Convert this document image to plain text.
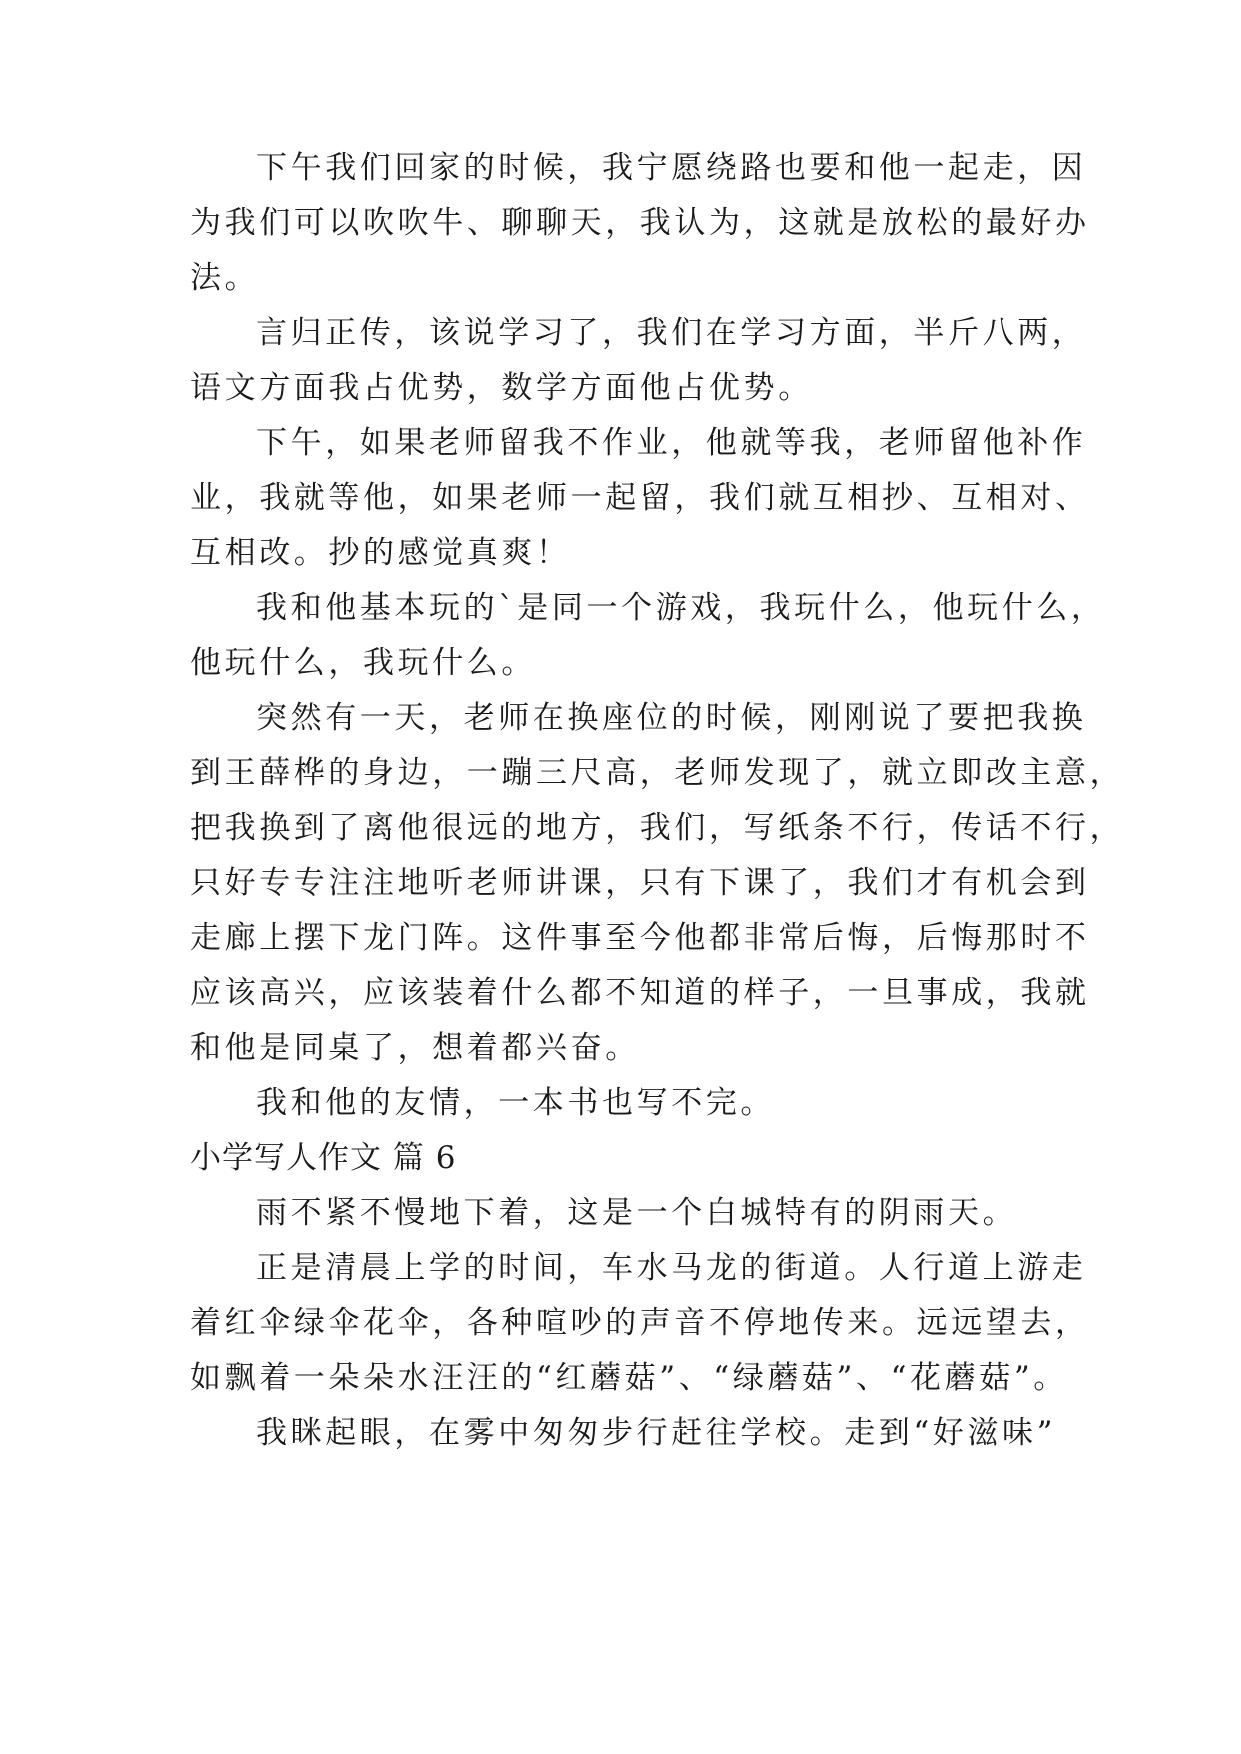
下午我们回家的时候，我宁愿绕路也要和他一起走，因
为我们可以吹吹牛、聊聊天，我认为，这就是放松的最好办
法。
言归正传，该说学习了，我们在学习方面，半斤八两，
语文方面我占优势，数学方面他占优势。
下午，如果老师留我不作业，他就等我，老师留他补作
业，我就等他，如果老师一起留，我们就互相抄、互相对、
互相改。抄的感觉真爽！
我和他基本玩的`是同一个游戏，我玩什么，他玩什么，
他玩什么，我玩什么。
突然有一天，老师在换座位的时候，刚刚说了要把我换
到王薛桦的身边，一蹦三尺高，老师发现了，就立即改主意，
把我换到了离他很远的地方，我们，写纸条不行，传话不行，
只好专专注注地听老师讲课，只有下课了，我们才有机会到
走廊上摆下龙门阵。这件事至今他都非常后悔，后悔那时不
应该高兴，应该装着什么都不知道的样子，一旦事成，我就
和他是同桌了，想着都兴奋。
我和他的友情，一本书也写不完。
小学写人作文 篇 6
雨不紧不慢地下着，这是一个白城特有的阴雨天。
正是清晨上学的时间，车水马龙的街道。人行道上游走
着红伞绿伞花伞，各种喧吵的声音不停地传来。远远望去，
如飘着一朵朵水汪汪的“红蘑菇”、“绿蘑菇”、“花蘑菇”。
我眯起眼，在雾中匆匆步行赶往学校。走到“好滋味”
